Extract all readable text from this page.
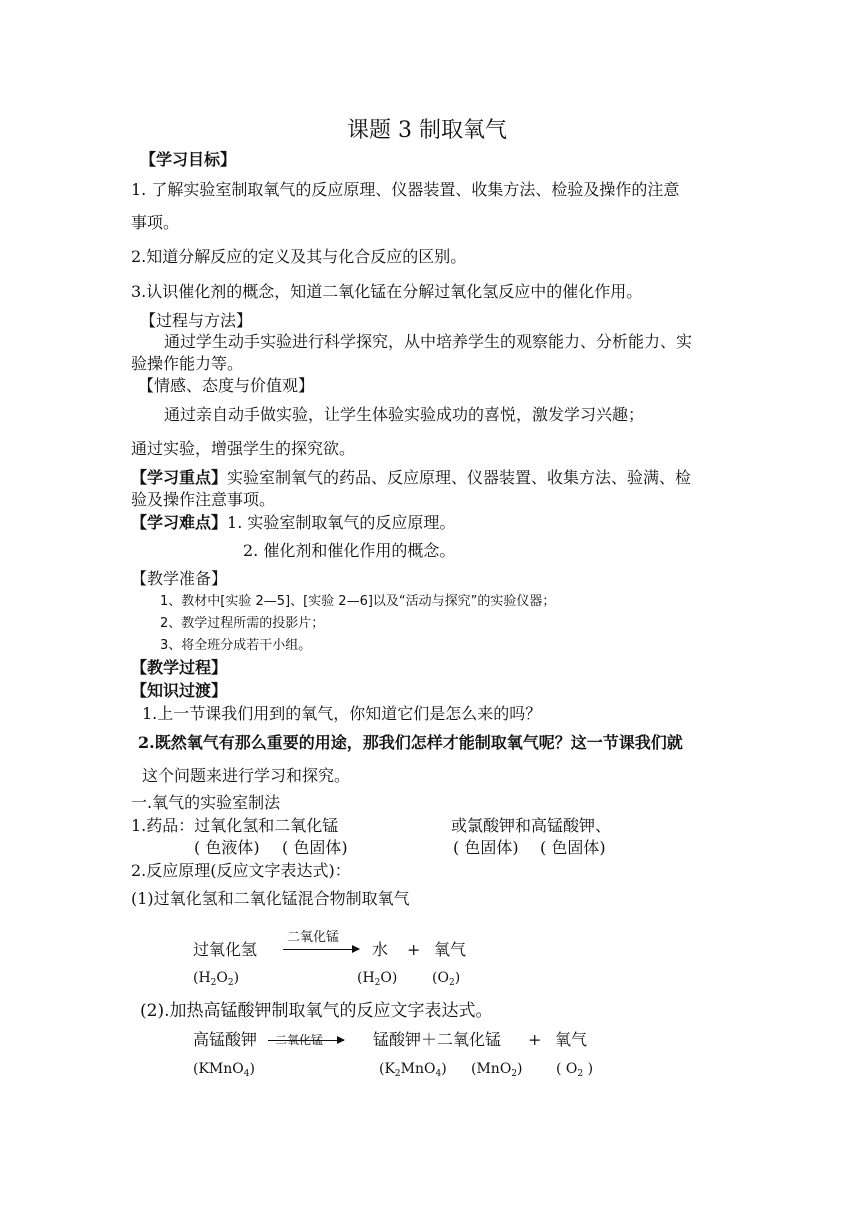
课题 3 制取氧气
【学习目标】
1. 了解实验室制取氧气的反应原理、仪器装置、收集方法、检验及操作的注意
事项。
2.知道分解反应的定义及其与化合反应的区别。
3.认识催化剂的概念，知道二氧化锰在分解过氧化氢反应中的催化作用。
【过程与方法】
通过学生动手实验进行科学探究，从中培养学生的观察能力、分析能力、实
验操作能力等。
【情感、态度与价值观】
通过亲自动手做实验，让学生体验实验成功的喜悦，激发学习兴趣；
通过实验，增强学生的探究欲。
【学习重点】实验室制氧气的药品、反应原理、仪器装置、收集方法、验满、检
验及操作注意事项。
【学习难点】1. 实验室制取氧气的反应原理。
2. 催化剂和催化作用的概念。
【教学准备】
1、教材中[实验 2—5]、[实验 2—6]以及“活动与探究”的实验仪器；
2、教学过程所需的投影片；
3、将全班分成若干小组。
【教学过程】
【知识过渡】
1.上一节课我们用到的氧气，你知道它们是怎么来的吗？
2.既然氧气有那么重要的用途，那我们怎样才能制取氧气呢？这一节课我们就
这个问题来进行学习和探究。
一.氧气的实验室制法
1.药品：过氧化氢和二氧化锰	或氯酸钾和高锰酸钾、
( 色液体) ( 色固体)	( 色固体) ( 色固体)
2.反应原理(反应文字表达式)：
(1)过氧化氢和二氧化锰混合物制取氧气
过氧化氢
二氧化锰
水 + 氧气
$(H_2O_2)$	$(H_2O)$ $(O_2)$
(2).加热高锰酸钾制取氧气的反应文字表达式。
高锰酸钾 二氧化锰	锰酸钾＋二氧化锰 + 氧气
(KMnO$_4$)	$(K_2MnO_4)$ (MnO$_2$) ( $O_2$ )
